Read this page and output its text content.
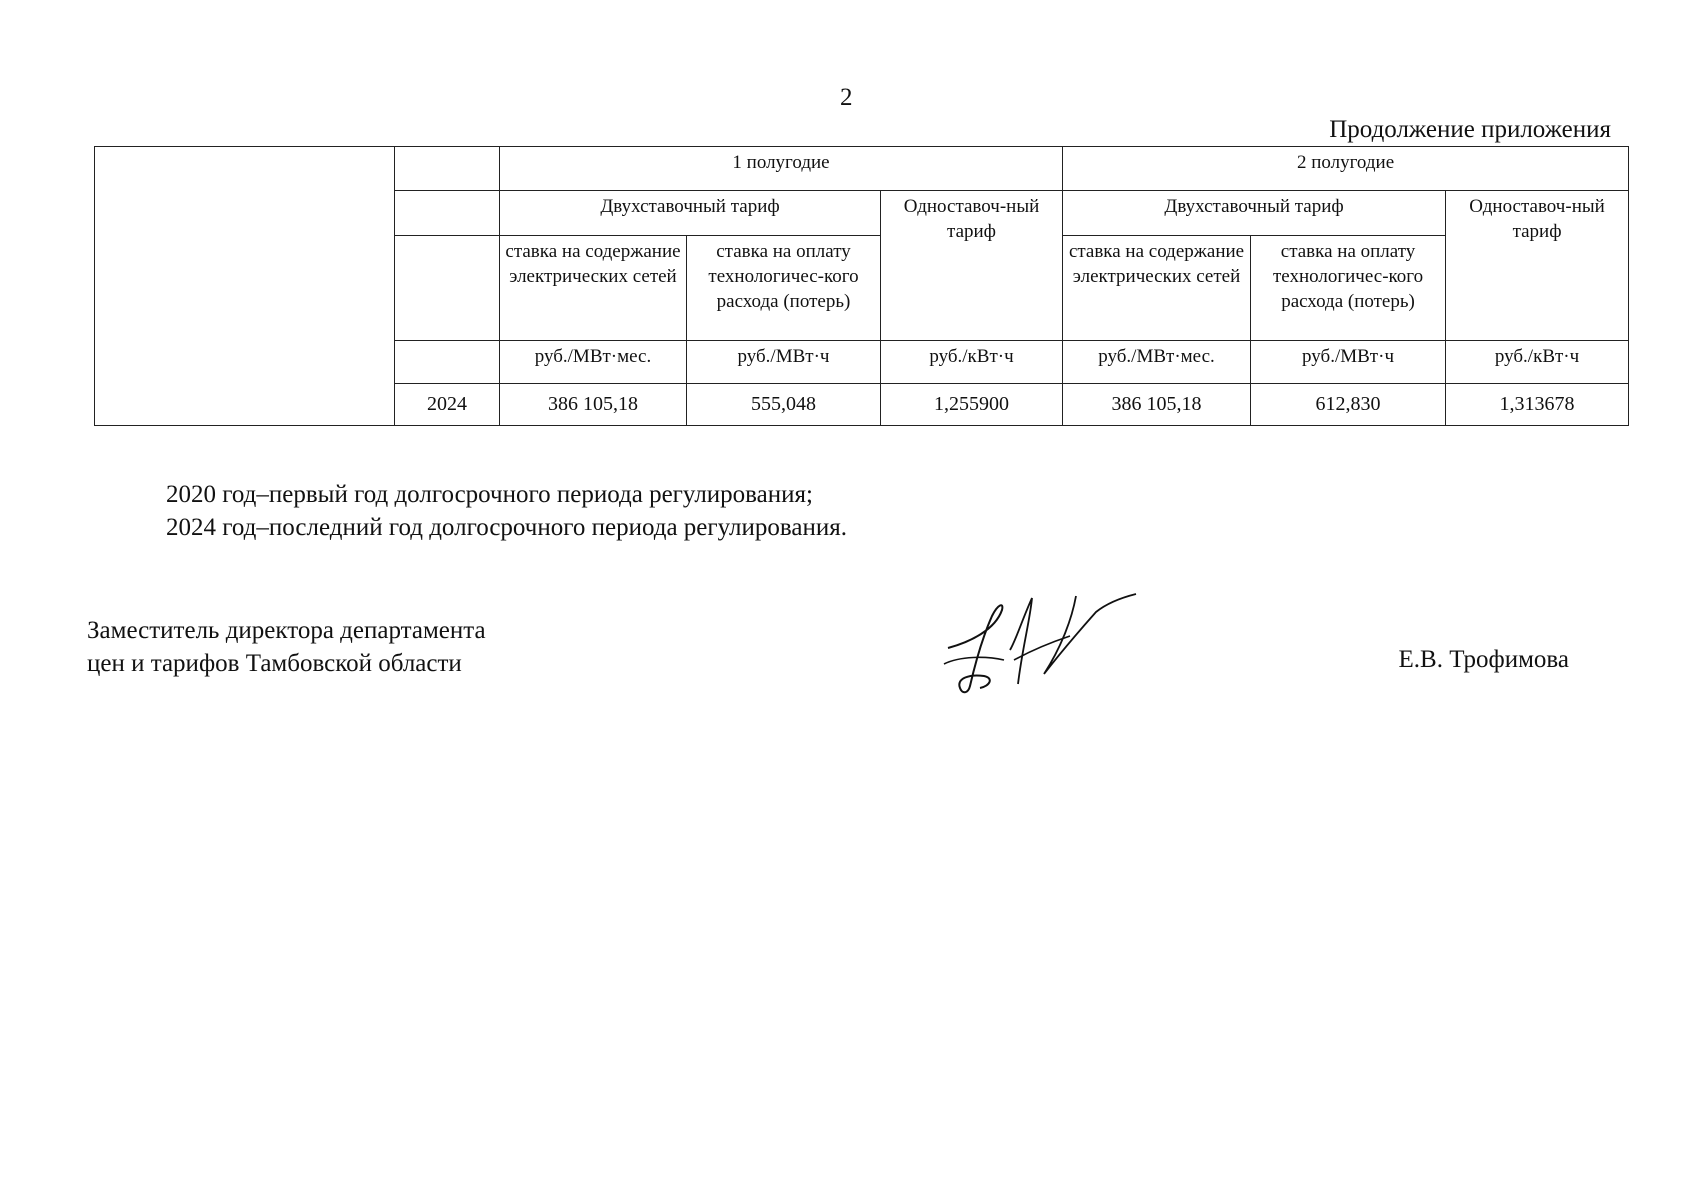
2
Продолжение приложения
		1 полугодие			2 полугодие		
		Двухставочный тариф		Одноставоч-ный тариф	Двухставочный тариф		Одноставоч-ный тариф
		ставка на содержание электрических сетей	ставка на оплату технологичес-кого расхода (потерь)		ставка на содержание электрических сетей	ставка на оплату технологичес-кого расхода (потерь)	
		руб./МВт·мес.	руб./МВт·ч	руб./кВт·ч	руб./МВт·мес.	руб./МВт·ч	руб./кВт·ч
	2024	386 105,18	555,048	1,255900	386 105,18	612,830	1,313678
2020 год–первый год долгосрочного периода регулирования;
2024 год–последний год долгосрочного периода регулирования.
Заместитель директора департамента
цен и тарифов Тамбовской области	Е.В. Трофимова
